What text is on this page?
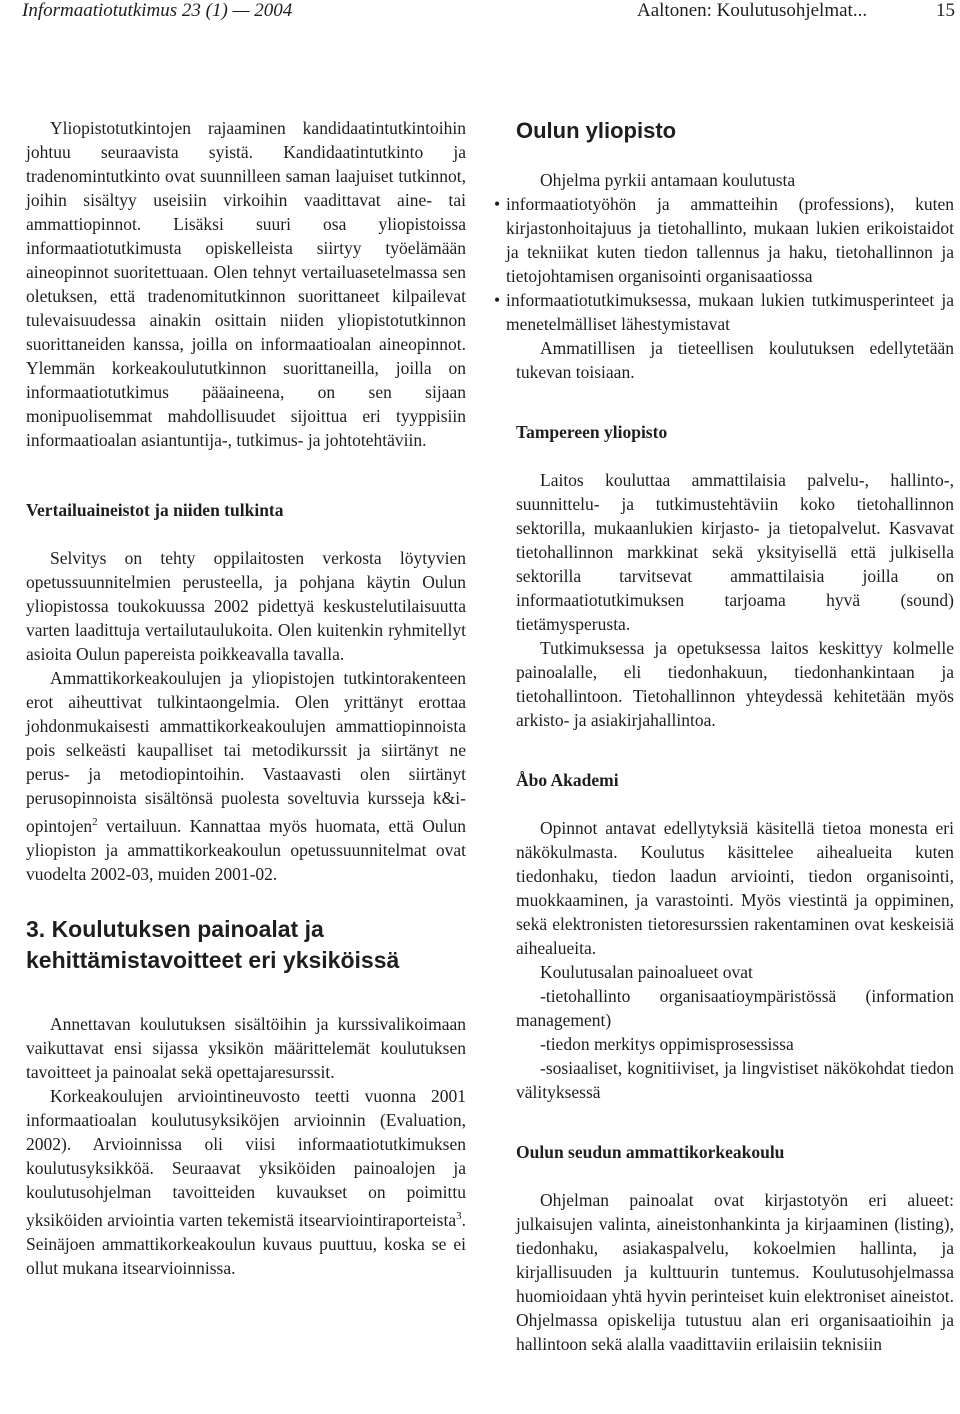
Informaatiotutkimus 23 (1) — 2004	Aaltonen: Koulutusohjelmat...	15

Yliopistotutkintojen rajaaminen kandidaatintutkintoihin johtuu seuraavista syistä. Kandidaatintutkinto ja tradenomintutkinto ovat suunnilleen saman laajuiset tutkinnot, joihin sisältyy useisiin virkoihin vaadittavat aine- tai ammattiopinnot. Lisäksi suuri osa yliopistoissa informaatiotutkimusta opiskelleista siirtyy työelämään aineopinnot suoritettuaan. Olen tehnyt vertailuasetelmassa sen oletuksen, että tradenomitutkinnon suorittaneet kilpailevat tulevaisuudessa ainakin osittain niiden yliopistotutkinnon suorittaneiden kanssa, joilla on informaatioalan aineopinnot. Ylemmän korkeakoulututkinnon suorittaneilla, joilla on informaatiotutkimus pääaineena, on sen sijaan monipuolisemmat mahdollisuudet sijoittua eri tyyppisiin informaatioalan asiantuntija-, tutkimus- ja johtotehtäviin.

Vertailuaineistot ja niiden tulkinta

Selvitys on tehty oppilaitosten verkosta löytyvien opetussuunnitelmien perusteella, ja pohjana käytin Oulun yliopistossa toukokuussa 2002 pidettyä keskustelutilaisuutta varten laadittuja vertailutaulukoita. Olen kuitenkin ryhmitellyt asioita Oulun papereista poikkeavalla tavalla.

Ammattikorkeakoulujen ja yliopistojen tutkintorakenteen erot aiheuttivat tulkintaongelmia. Olen yrittänyt erottaa johdonmukaisesti ammattikorkeakoulujen ammattiopinnoista pois selkeästi kaupalliset tai metodikurssit ja siirtänyt ne perus- ja metodiopintoihin. Vastaavasti olen siirtänyt perusopinnoista sisältönsä puolesta soveltuvia kursseja k&i-opintojen$^2$ vertailuun. Kannattaa myös huomata, että Oulun yliopiston ja ammattikorkeakoulun opetussuunnitelmat ovat vuodelta 2002-03, muiden 2001-02.

3. Koulutuksen painoalat ja kehittämistavoitteet eri yksiköissä

Annettavan koulutuksen sisältöihin ja kurssivalikoimaan vaikuttavat ensi sijassa yksikön määrittelemät koulutuksen tavoitteet ja painoalat sekä opettajaresurssit.

Korkeakoulujen arviointineuvosto teetti vuonna 2001 informaatioalan koulutusyksiköjen arvioinnin (Evaluation, 2002). Arvioinnissa oli viisi informaatiotutkimuksen koulutusyksikköä. Seuraavat yksiköiden painoalojen ja koulutusohjelman tavoitteiden kuvaukset on poimittu yksiköiden arviointia varten tekemistä itsearviointiraporteista$^3$. Seinäjoen ammattikorkeakoulun kuvaus puuttuu, koska se ei ollut mukana itsearvioinnissa.

Oulun yliopisto

Ohjelma pyrkii antamaan koulutusta

• informaatiotyöhön ja ammatteihin (professions), kuten kirjastonhoitajuus ja tietohallinto, mukaan lukien erikoistaidot ja tekniikat kuten tiedon tallennus ja haku, tietohallinnon ja tietojohtamisen organisointi organisaatiossa

• informaatiotutkimuksessa, mukaan lukien tutkimusperinteet ja menetelmälliset lähestymistavat

Ammatillisen ja tieteellisen koulutuksen edellytetään tukevan toisiaan.

Tampereen yliopisto

Laitos kouluttaa ammattilaisia palvelu-, hallinto-, suunnittelu- ja tutkimustehtäviin koko tietohallinnon sektorilla, mukaanlukien kirjasto- ja tietopalvelut. Kasvavat tietohallinnon markkinat sekä yksityisellä että julkisella sektorilla tarvitsevat ammattilaisia joilla on informaatiotutkimuksen tarjoama hyvä (sound) tietämysperusta.

Tutkimuksessa ja opetuksessa laitos keskittyy kolmelle painoalalle, eli tiedonhakuun, tiedonhankintaan ja tietohallintoon. Tietohallinnon yhteydessä kehitetään myös arkisto- ja asiakirjahallintoa.

Åbo Akademi

Opinnot antavat edellytyksiä käsitellä tietoa monesta eri näkökulmasta. Koulutus käsittelee aihealueita kuten tiedonhaku, tiedon laadun arviointi, tiedon organisointi, muokkaaminen, ja varastointi. Myös viestintä ja oppiminen, sekä elektronisten tietoresurssien rakentaminen ovat keskeisiä aihealueita.

Koulutusalan painoalueet ovat

-tietohallinto organisaatioympäristössä (information management)

-tiedon merkitys oppimisprosessissa

-sosiaaliset, kognitiiviset, ja lingvistiset näkökohdat tiedon välityksessä

Oulun seudun ammattikorkeakoulu

Ohjelman painoalat ovat kirjastotyön eri alueet: julkaisujen valinta, aineistonhankinta ja kirjaaminen (listing), tiedonhaku, asiakaspalvelu, kokoelmien hallinta, ja kirjallisuuden ja kulttuurin tuntemus. Koulutusohjelmassa huomioidaan yhtä hyvin perinteiset kuin elektroniset aineistot. Ohjelmassa opiskelija tutustuu alan eri organisaatioihin ja hallintoon sekä alalla vaadittaviin erilaisiin teknisiin
